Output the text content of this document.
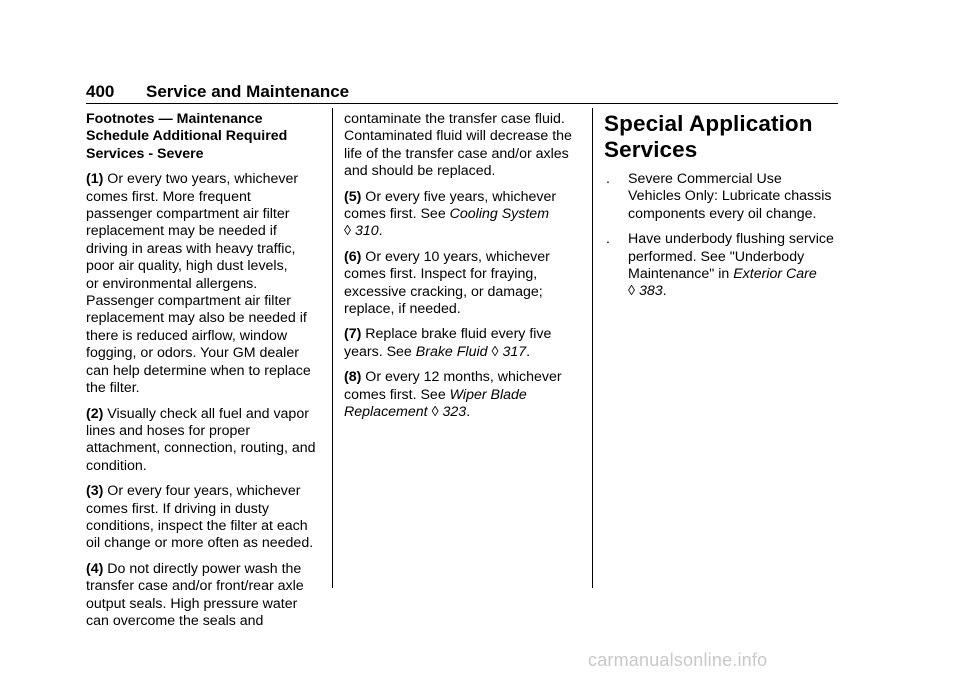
400 Service and Maintenance
Footnotes — Maintenance
Schedule Additional Required
Services - Severe
(1) Or every two years, whichever
comes first. More frequent
passenger compartment air filter
replacement may be needed if
driving in areas with heavy traffic,
poor air quality, high dust levels,
or environmental allergens.
Passenger compartment air filter
replacement may also be needed if
there is reduced airflow, window
fogging, or odors. Your GM dealer
can help determine when to replace
the filter.
(2) Visually check all fuel and vapor
lines and hoses for proper
attachment, connection, routing, and
condition.
(3) Or every four years, whichever
comes first. If driving in dusty
conditions, inspect the filter at each
oil change or more often as needed.
(4) Do not directly power wash the
transfer case and/or front/rear axle
output seals. High pressure water
can overcome the seals and
contaminate the transfer case fluid.
Contaminated fluid will decrease the
life of the transfer case and/or axles
and should be replaced.
(5) Or every five years, whichever
comes first. See Cooling System
◊ 310.
(6) Or every 10 years, whichever
comes first. Inspect for fraying,
excessive cracking, or damage;
replace, if needed.
(7) Replace brake fluid every five
years. See Brake Fluid ◊ 317.
(8) Or every 12 months, whichever
comes first. See Wiper Blade
Replacement ◊ 323.
Special Application
Services
. Severe Commercial Use
Vehicles Only: Lubricate chassis
components every oil change.
. Have underbody flushing service
performed. See "Underbody
Maintenance" in Exterior Care
◊ 383.
carmanualsonline.info
